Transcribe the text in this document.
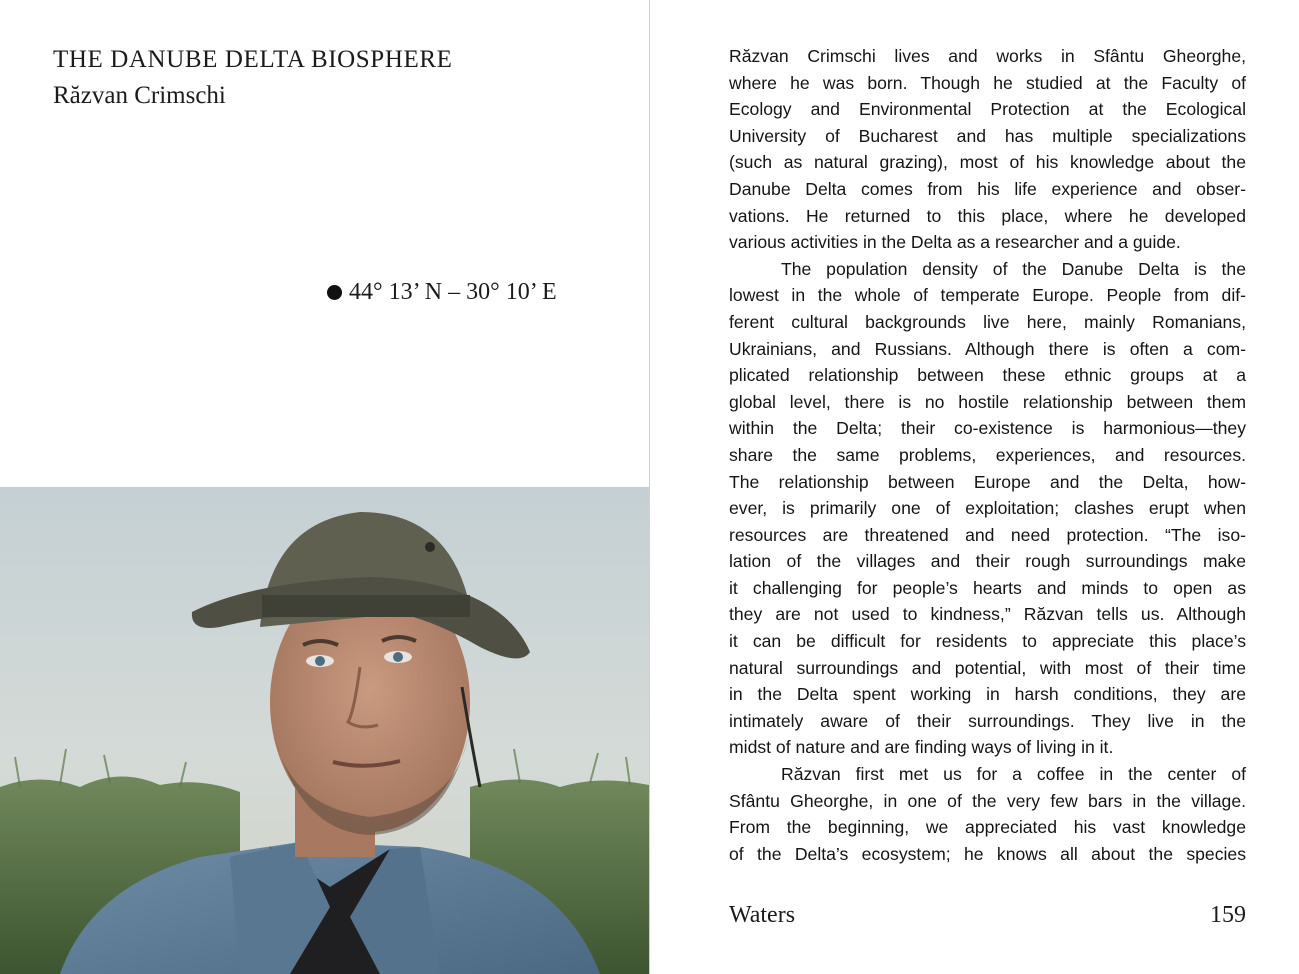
THE DANUBE DELTA BIOSPHERE
Răzvan Crimschi
44° 13’ N – 30° 10’ E
Răzvan Crimschi lives and works in Sfântu Gheorghe,
where he was born. Though he studied at the Faculty of
Ecology and Environmental Protection at the Ecological
University of Bucharest and has multiple specializations
(such as natural grazing), most of his knowledge about the
Danube Delta comes from his life experience and obser-
vations. He returned to this place, where he developed
various activities in the Delta as a researcher and a guide.
The population density of the Danube Delta is the
lowest in the whole of temperate Europe. People from dif-
ferent cultural backgrounds live here, mainly Romanians,
Ukrainians, and Russians. Although there is often a com-
plicated relationship between these ethnic groups at a
global level, there is no hostile relationship between them
within the Delta; their co-existence is harmonious—they
share the same problems, experiences, and resources.
The relationship between Europe and the Delta, how-
ever, is primarily one of exploitation; clashes erupt when
resources are threatened and need protection. “The iso-
lation of the villages and their rough surroundings make
it challenging for people’s hearts and minds to open as
they are not used to kindness,” Răzvan tells us. Although
it can be difficult for residents to appreciate this place’s
natural surroundings and potential, with most of their time
in the Delta spent working in harsh conditions, they are
intimately aware of their surroundings. They live in the
midst of nature and are finding ways of living in it.
Răzvan first met us for a coffee in the center of
Sfântu Gheorghe, in one of the very few bars in the village.
From the beginning, we appreciated his vast knowledge
of the Delta’s ecosystem; he knows all about the species
Waters	159
